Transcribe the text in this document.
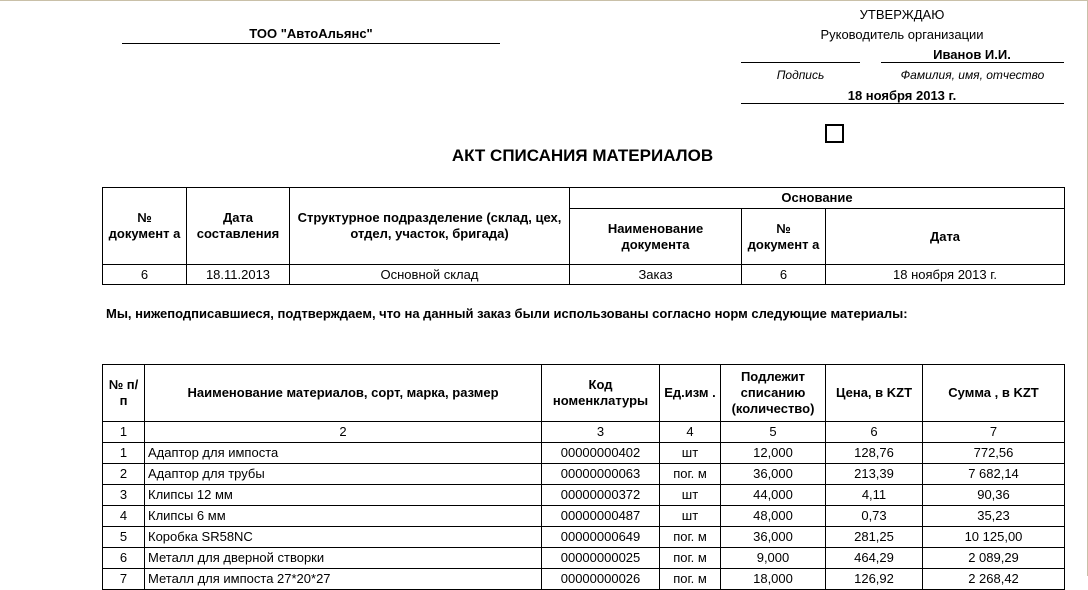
ТОО "АвтоАльянс"
УТВЕРЖДАЮ
Руководитель организации
Иванов И.И.
Подпись	Фамилия, имя, отчество
18 ноября 2013 г.
АКТ СПИСАНИЯ МАТЕРИАЛОВ
№ документ а	Дата составления	Структурное подразделение (склад, цех, отдел, участок, бригада)	Основание		
			Наименование документа	№ документ а	Дата
6	18.11.2013	Основной склад	Заказ	6	18 ноября 2013 г.
Мы, нижеподписавшиеся, подтверждаем, что на данный заказ были использованы согласно норм следующие материалы:
№ п/п	Наименование материалов, сорт, марка, размер	Код номенклатуры	Ед.изм .	Подлежит списанию (количество)	Цена, в KZT	Сумма , в KZT
1	2	3	4	5	6	7
1	Адаптор для импоста	00000000402	шт	12,000	128,76	772,56
2	Адаптор для трубы	00000000063	пог. м	36,000	213,39	7 682,14
3	Клипсы 12 мм	00000000372	шт	44,000	4,11	90,36
4	Клипсы 6 мм	00000000487	шт	48,000	0,73	35,23
5	Коробка SR58NC	00000000649	пог. м	36,000	281,25	10 125,00
6	Металл для дверной створки	00000000025	пог. м	9,000	464,29	2 089,29
7	Металл для импоста 27*20*27	00000000026	пог. м	18,000	126,92	2 268,42
